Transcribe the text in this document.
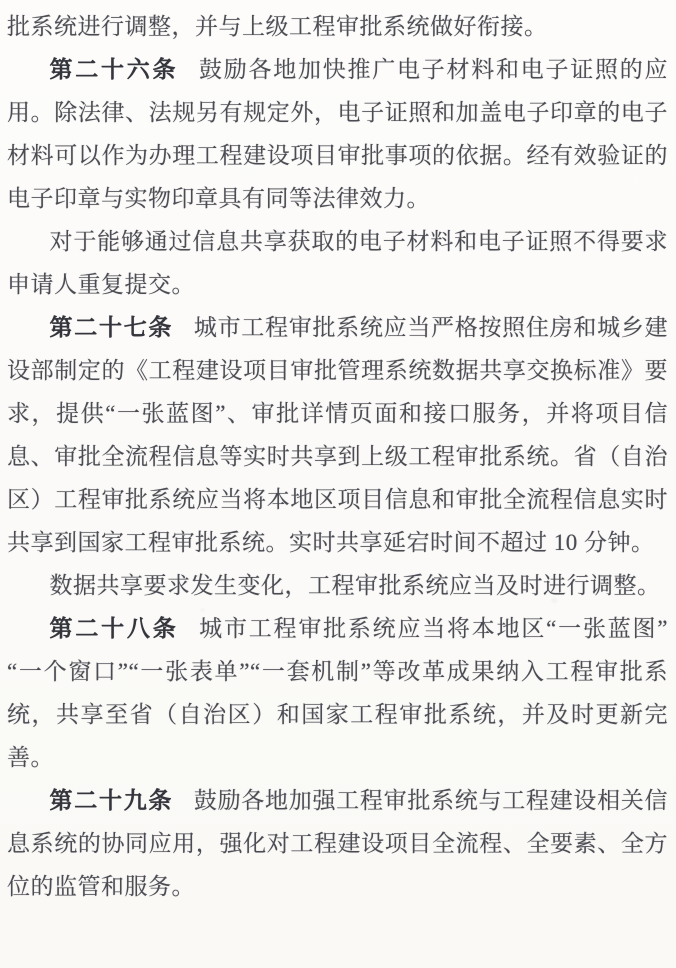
批系统进行调整，并与上级工程审批系统做好衔接。

第二十六条 鼓励各地加快推广电子材料和电子证照的应用。除法律、法规另有规定外，电子证照和加盖电子印章的电子材料可以作为办理工程建设项目审批事项的依据。经有效验证的电子印章与实物印章具有同等法律效力。

对于能够通过信息共享获取的电子材料和电子证照不得要求申请人重复提交。

第二十七条 城市工程审批系统应当严格按照住房和城乡建设部制定的《工程建设项目审批管理系统数据共享交换标准》要求，提供“一张蓝图”、审批详情页面和接口服务，并将项目信息、审批全流程信息等实时共享到上级工程审批系统。省（自治区）工程审批系统应当将本地区项目信息和审批全流程信息实时共享到国家工程审批系统。实时共享延宕时间不超过 10 分钟。

数据共享要求发生变化，工程审批系统应当及时进行调整。

第二十八条 城市工程审批系统应当将本地区“一张蓝图”“一个窗口”“一张表单”“一套机制”等改革成果纳入工程审批系统，共享至省（自治区）和国家工程审批系统，并及时更新完善。

第二十九条 鼓励各地加强工程审批系统与工程建设相关信息系统的协同应用，强化对工程建设项目全流程、全要素、全方位的监管和服务。
